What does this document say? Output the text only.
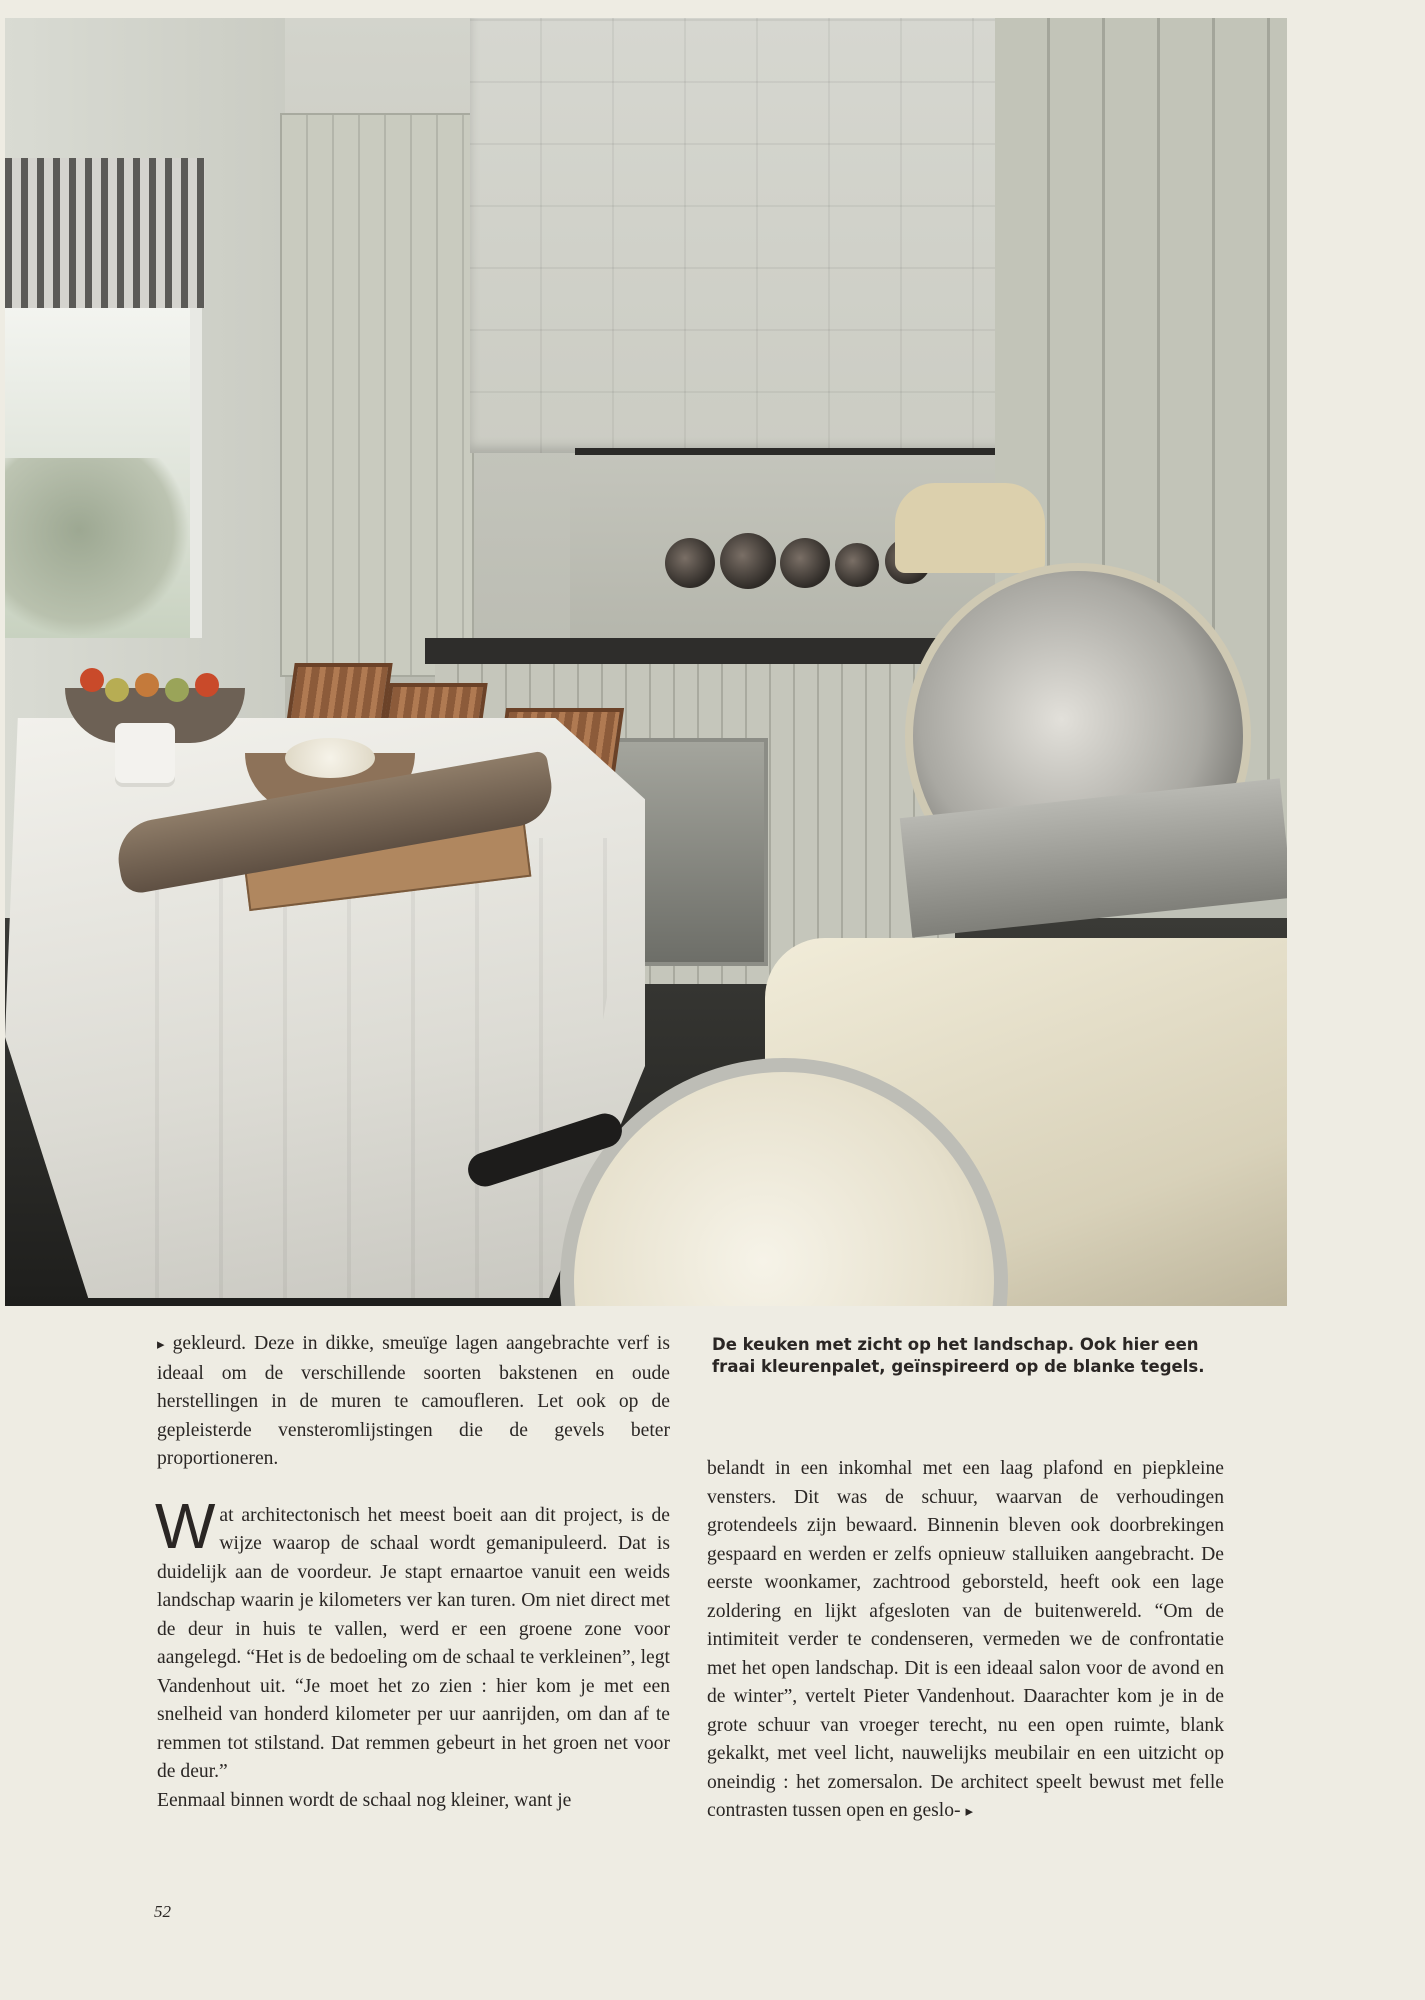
De keuken met zicht op het landschap. Ook hier een fraai kleurenpalet, geïnspireerd op de blanke tegels.

▸ gekleurd. Deze in dikke, smeuïge lagen aangebrachte verf is ideaal om de verschillende soorten bakstenen en oude herstellingen in de muren te camoufleren. Let ook op de gepleisterde vensteromlijstingen die de gevels beter proportioneren.

Wat architectonisch het meest boeit aan dit project, is de wijze waarop de schaal wordt gemanipuleerd. Dat is duidelijk aan de voordeur. Je stapt ernaartoe vanuit een weids landschap waarin je kilometers ver kan turen. Om niet direct met de deur in huis te vallen, werd er een groene zone voor aangelegd. “Het is de bedoeling om de schaal te verkleinen”, legt Vandenhout uit. “Je moet het zo zien : hier kom je met een snelheid van honderd kilometer per uur aanrijden, om dan af te remmen tot stilstand. Dat remmen gebeurt in het groen net voor de deur.”

Eenmaal binnen wordt de schaal nog kleiner, want je

belandt in een inkomhal met een laag plafond en piepkleine vensters. Dit was de schuur, waarvan de verhoudingen grotendeels zijn bewaard. Binnenin bleven ook doorbrekingen gespaard en werden er zelfs opnieuw stalluiken aangebracht. De eerste woonkamer, zachtrood geborsteld, heeft ook een lage zoldering en lijkt afgesloten van de buitenwereld. “Om de intimiteit verder te condenseren, vermeden we de confrontatie met het open landschap. Dit is een ideaal salon voor de avond en de winter”, vertelt Pieter Vandenhout. Daarachter kom je in de grote schuur van vroeger terecht, nu een open ruimte, blank gekalkt, met veel licht, nauwelijks meubilair en een uitzicht op oneindig : het zomersalon. De architect speelt bewust met felle contrasten tussen open en geslo- ▸

52
